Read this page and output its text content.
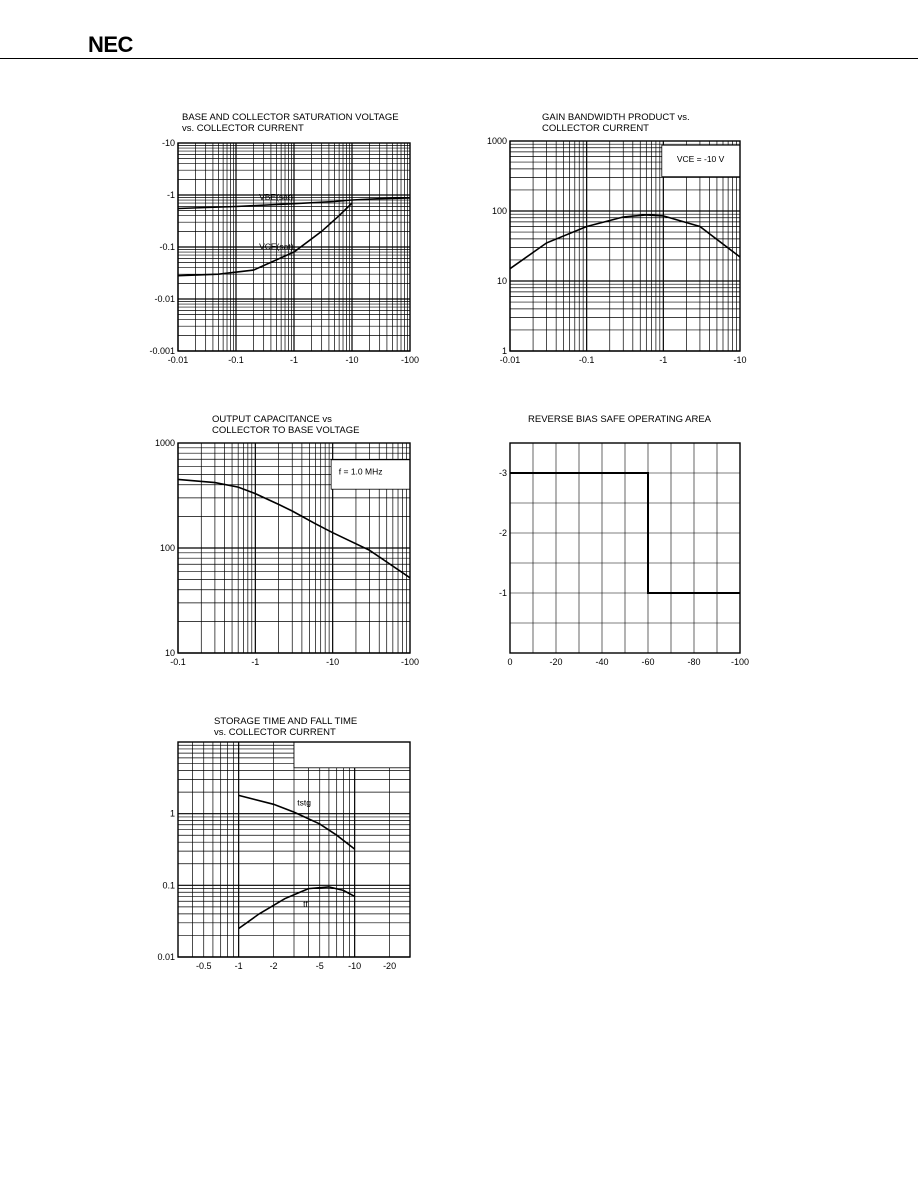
NEC
BASE AND COLLECTOR SATURATION VOLTAGE
vs. COLLECTOR CURRENT
-0.01	-0.1	-1	-10	-100
-10
-1
-0.1
-0.01
-0.001
VBE(sat)
VCE(sat)
GAIN BANDWIDTH PRODUCT vs.
COLLECTOR CURRENT
-0.01	-0.1	-1	-10
1000
100
10
1
VCE = -10 V
OUTPUT CAPACITANCE vs
COLLECTOR TO BASE VOLTAGE
-0.1	-1	-10	-100
1000
100
10
f = 1.0 MHz
REVERSE BIAS SAFE OPERATING AREA
0	-20	-40	-60	-80	-100
-3
-2
-1
STORAGE TIME AND FALL TIME
vs. COLLECTOR CURRENT
-0.5	-1	-2	-5	-10 -20
1
0.1
0.01
tstg
tf
